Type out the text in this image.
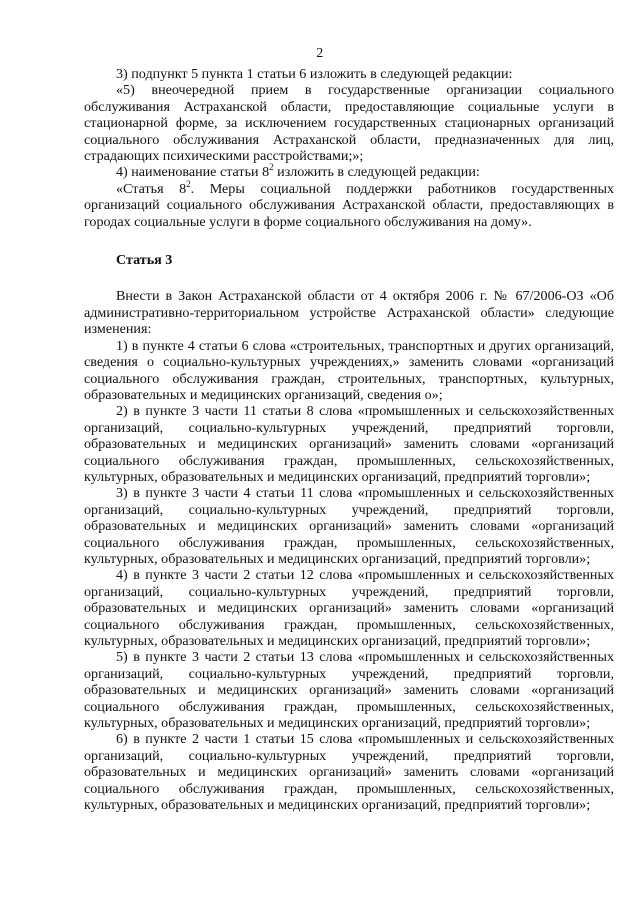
2

3) подпункт 5 пункта 1 статьи 6 изложить в следующей редакции:

«5) внеочередной прием в государственные организации социального обслуживания Астраханской области, предоставляющие социальные услуги в стационарной форме, за исключением государственных стационарных организаций социального обслуживания Астраханской области, предназначенных для лиц, страдающих психическими расстройствами;»;

4) наименование статьи $8^2$ изложить в следующей редакции:

«Статья $8^2$. Меры социальной поддержки работников государственных организаций социального обслуживания Астраханской области, предоставляющих в городах социальные услуги в форме социального обслуживания на дому».

Статья 3

Внести в Закон Астраханской области от 4 октября 2006 г. № 67/2006-ОЗ «Об административно-территориальном устройстве Астраханской области» следующие изменения:

1) в пункте 4 статьи 6 слова «строительных, транспортных и других организаций, сведения о социально-культурных учреждениях,» заменить словами «организаций социального обслуживания граждан, строительных, транспортных, культурных, образовательных и медицинских организаций, сведения о»;

2) в пункте 3 части 11 статьи 8 слова «промышленных и сельскохозяйственных организаций, социально-культурных учреждений, предприятий торговли, образовательных и медицинских организаций» заменить словами «организаций социального обслуживания граждан, промышленных, сельскохозяйственных, культурных, образовательных и медицинских организаций, предприятий торговли»;

3) в пункте 3 части 4 статьи 11 слова «промышленных и сельскохозяйственных организаций, социально-культурных учреждений, предприятий торговли, образовательных и медицинских организаций» заменить словами «организаций социального обслуживания граждан, промышленных, сельскохозяйственных, культурных, образовательных и медицинских организаций, предприятий торговли»;

4) в пункте 3 части 2 статьи 12 слова «промышленных и сельскохозяйственных организаций, социально-культурных учреждений, предприятий торговли, образовательных и медицинских организаций» заменить словами «организаций социального обслуживания граждан, промышленных, сельскохозяйственных, культурных, образовательных и медицинских организаций, предприятий торговли»;

5) в пункте 3 части 2 статьи 13 слова «промышленных и сельскохозяйственных организаций, социально-культурных учреждений, предприятий торговли, образовательных и медицинских организаций» заменить словами «организаций социального обслуживания граждан, промышленных, сельскохозяйственных, культурных, образовательных и медицинских организаций, предприятий торговли»;

6) в пункте 2 части 1 статьи 15 слова «промышленных и сельскохозяйственных организаций, социально-культурных учреждений, предприятий торговли, образовательных и медицинских организаций» заменить словами «организаций социального обслуживания граждан, промышленных, сельскохозяйственных, культурных, образовательных и медицинских организаций, предприятий торговли»;
